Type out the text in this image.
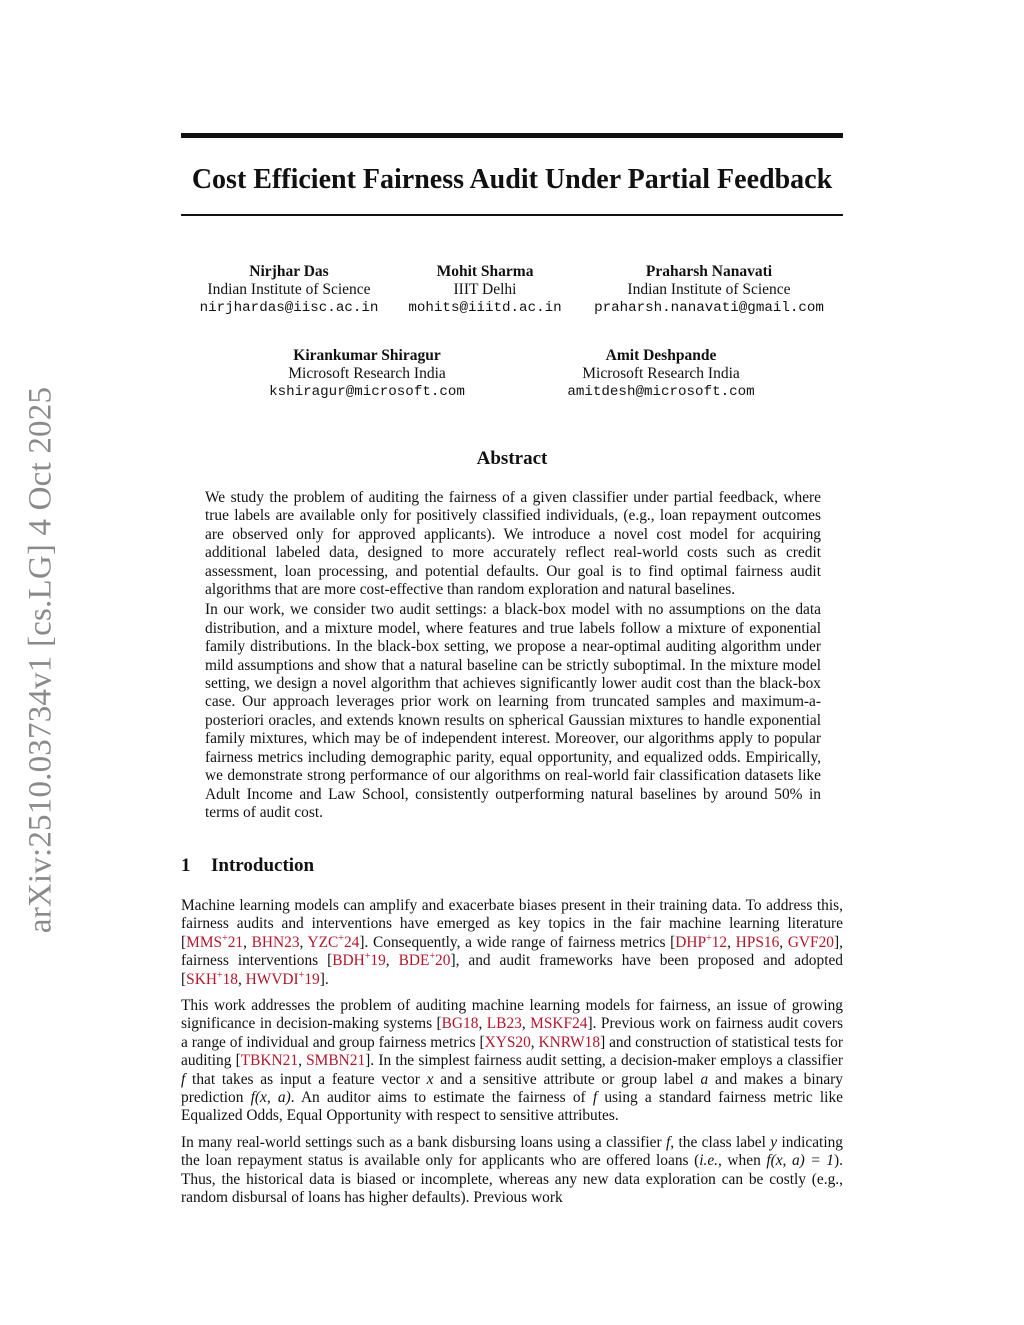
arXiv:2510.03734v1 [cs.LG] 4 Oct 2025
Cost Efficient Fairness Audit Under Partial Feedback
Nirjhar Das
Indian Institute of Science
nirjhardas@iisc.ac.in
Mohit Sharma
IIIT Delhi
mohits@iiitd.ac.in
Praharsh Nanavati
Indian Institute of Science
praharsh.nanavati@gmail.com
Kirankumar Shiragur
Microsoft Research India
kshiragur@microsoft.com
Amit Deshpande
Microsoft Research India
amitdesh@microsoft.com
Abstract

We study the problem of auditing the fairness of a given classifier under partial feedback, where true labels are available only for positively classified individuals, (e.g., loan repayment outcomes are observed only for approved applicants). We introduce a novel cost model for acquiring additional labeled data, designed to more accurately reflect real-world costs such as credit assessment, loan processing, and potential defaults. Our goal is to find optimal fairness audit algorithms that are more cost-effective than random exploration and natural baselines.

In our work, we consider two audit settings: a black-box model with no assumptions on the data distribution, and a mixture model, where features and true labels follow a mixture of exponential family distributions. In the black-box setting, we propose a near-optimal auditing algorithm under mild assumptions and show that a natural baseline can be strictly suboptimal. In the mixture model setting, we design a novel algorithm that achieves significantly lower audit cost than the black-box case. Our approach leverages prior work on learning from truncated samples and maximum-a-posteriori oracles, and extends known results on spherical Gaussian mixtures to handle exponential family mixtures, which may be of independent interest. Moreover, our algorithms apply to popular fairness metrics including demographic parity, equal opportunity, and equalized odds. Empirically, we demonstrate strong performance of our algorithms on real-world fair classification datasets like Adult Income and Law School, consistently outperforming natural baselines by around 50% in terms of audit cost.

1 Introduction

Machine learning models can amplify and exacerbate biases present in their training data. To address this, fairness audits and interventions have emerged as key topics in the fair machine learning literature [MMS+21, BHN23, YZC+24]. Consequently, a wide range of fairness metrics [DHP+12, HPS16, GVF20], fairness interventions [BDH+19, BDE+20], and audit frameworks have been proposed and adopted [SKH+18, HWVDI+19].

This work addresses the problem of auditing machine learning models for fairness, an issue of growing significance in decision-making systems [BG18, LB23, MSKF24]. Previous work on fairness audit covers a range of individual and group fairness metrics [XYS20, KNRW18] and construction of statistical tests for auditing [TBKN21, SMBN21]. In the simplest fairness audit setting, a decision-maker employs a classifier f that takes as input a feature vector x and a sensitive attribute or group label a and makes a binary prediction f(x, a). An auditor aims to estimate the fairness of f using a standard fairness metric like Equalized Odds, Equal Opportunity with respect to sensitive attributes.

In many real-world settings such as a bank disbursing loans using a classifier f, the class label y indicating the loan repayment status is available only for applicants who are offered loans (i.e., when f(x, a) = 1). Thus, the historical data is biased or incomplete, whereas any new data exploration can be costly (e.g., random disbursal of loans has higher defaults). Previous work
